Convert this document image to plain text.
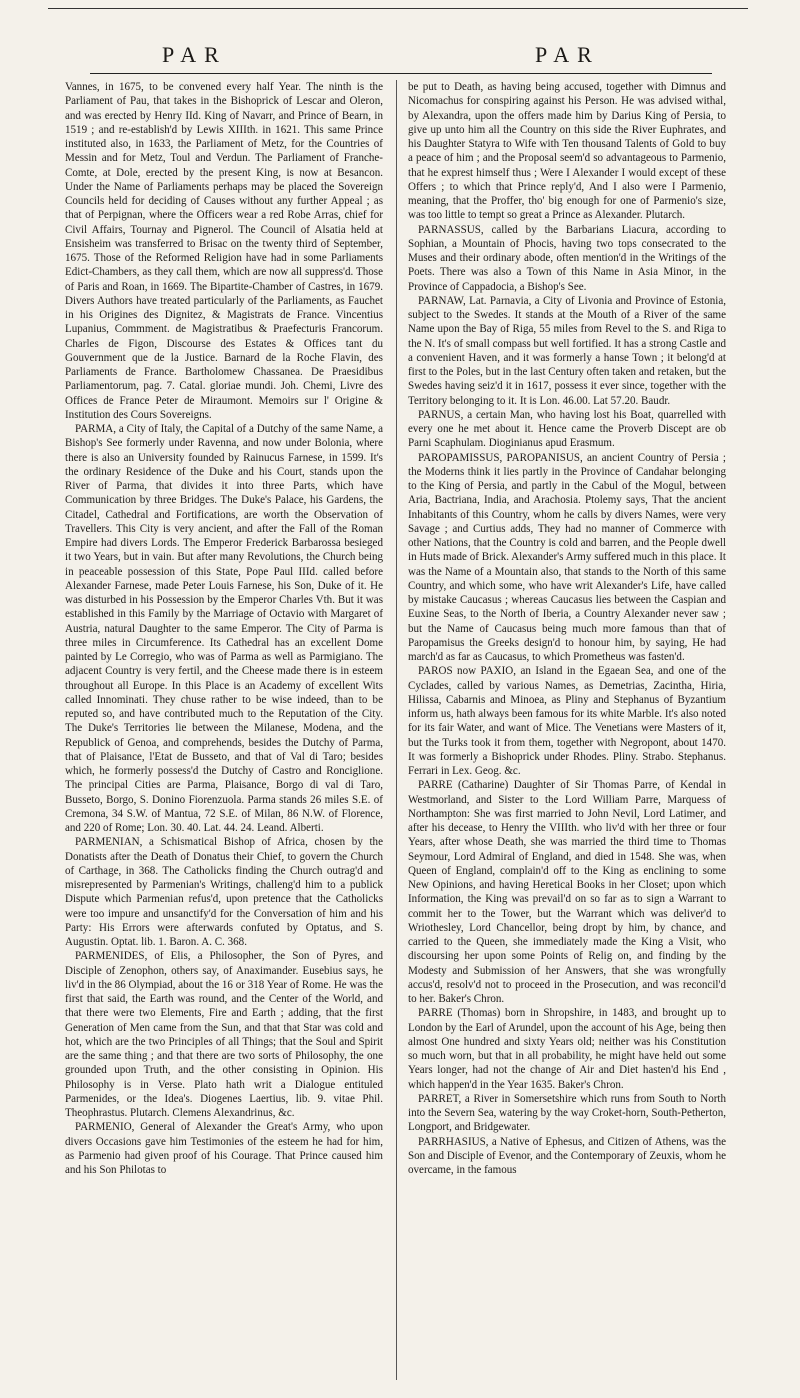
PAR	PAR

Vannes, in 1675, to be convened every half Year. The ninth is the Parliament of Pau, that takes in the Bishoprick of Lescar and Oleron, and was erected by Henry IId. King of Navarr, and Prince of Bearn, in 1519 ; and re-establish'd by Lewis XIIIth. in 1621. This same Prince instituted also, in 1633, the Parliament of Metz, for the Countries of Messin and for Metz, Toul and Verdun. The Parliament of Franche-Comte, at Dole, erected by the present King, is now at Besancon. Under the Name of Parliaments perhaps may be placed the Sovereign Councils held for deciding of Causes without any further Appeal ; as that of Perpignan, where the Officers wear a red Robe Arras, chief for Civil Affairs, Tournay and Pignerol. The Council of Alsatia held at Ensisheim was transferred to Brisac on the twenty third of September, 1675. Those of the Reformed Religion have had in some Parliaments Edict-Chambers, as they call them, which are now all suppress'd. Those of Paris and Roan, in 1669. The Bipartite-Chamber of Castres, in 1679. Divers Authors have treated particularly of the Parliaments, as Fauchet in his Origines des Dignitez, & Magistrats de France. Vincentius Lupanius, Commment. de Magistratibus & Praefecturis Francorum. Charles de Figon, Discourse des Estates & Offices tant du Gouvernment que de la Justice. Barnard de la Roche Flavin, des Parliaments de France. Bartholomew Chassanea. De Praesidibus Parliamentorum, pag. 7. Catal. gloriae mundi. Joh. Chemi, Livre des Offices de France Peter de Miraumont. Memoirs sur l' Origine & Institution des Cours Sovereigns.

PARMA, a City of Italy, the Capital of a Dutchy of the same Name, a Bishop's See formerly under Ravenna, and now under Bolonia, where there is also an University founded by Rainucus Farnese, in 1599. It's the ordinary Residence of the Duke and his Court, stands upon the River of Parma, that divides it into three Parts, which have Communication by three Bridges. The Duke's Palace, his Gardens, the Citadel, Cathedral and Fortifications, are worth the Observation of Travellers. This City is very ancient, and after the Fall of the Roman Empire had divers Lords. The Emperor Frederick Barbarossa besieged it two Years, but in vain. But after many Revolutions, the Church being in peaceable possession of this State, Pope Paul IIId. called before Alexander Farnese, made Peter Louis Farnese, his Son, Duke of it. He was disturbed in his Possession by the Emperor Charles Vth. But it was established in this Family by the Marriage of Octavio with Margaret of Austria, natural Daughter to the same Emperor. The City of Parma is three miles in Circumference. Its Cathedral has an excellent Dome painted by Le Corregio, who was of Parma as well as Parmigiano. The adjacent Country is very fertil, and the Cheese made there is in esteem throughout all Europe. In this Place is an Academy of excellent Wits called Innominati. They chuse rather to be wise indeed, than to be reputed so, and have contributed much to the Reputation of the City. The Duke's Territories lie between the Milanese, Modena, and the Republick of Genoa, and comprehends, besides the Dutchy of Parma, that of Plaisance, l'Etat de Busseto, and that of Val di Taro; besides which, he formerly possess'd the Dutchy of Castro and Ronciglione. The principal Cities are Parma, Plaisance, Borgo di val di Taro, Busseto, Borgo, S. Donino Fiorenzuola. Parma stands 26 miles S.E. of Cremona, 34 S.W. of Mantua, 72 S.E. of Milan, 86 N.W. of Florence, and 220 of Rome; Lon. 30. 40. Lat. 44. 24. Leand. Alberti.

PARMENIAN, a Schismatical Bishop of Africa, chosen by the Donatists after the Death of Donatus their Chief, to govern the Church of Carthage, in 368. The Catholicks finding the Church outrag'd and misrepresented by Parmenian's Writings, challeng'd him to a publick Dispute which Parmenian refus'd, upon pretence that the Catholicks were too impure and unsanctify'd for the Conversation of him and his Party: His Errors were afterwards confuted by Optatus, and S. Augustin. Optat. lib. 1. Baron. A. C. 368.

PARMENIDES, of Elis, a Philosopher, the Son of Pyres, and Disciple of Zenophon, others say, of Anaximander. Eusebius says, he liv'd in the 86 Olympiad, about the 16 or 318 Year of Rome. He was the first that said, the Earth was round, and the Center of the World, and that there were two Elements, Fire and Earth ; adding, that the first Generation of Men came from the Sun, and that that Star was cold and hot, which are the two Principles of all Things; that the Soul and Spirit are the same thing ; and that there are two sorts of Philosophy, the one grounded upon Truth, and the other consisting in Opinion. His Philosophy is in Verse. Plato hath writ a Dialogue entituled Parmenides, or the Idea's. Diogenes Laertius, lib. 9. vitae Phil. Theophrastus. Plutarch. Clemens Alexandrinus, &c.

PARMENIO, General of Alexander the Great's Army, who upon divers Occasions gave him Testimonies of the esteem he had for him, as Parmenio had given proof of his Courage. That Prince caused him and his Son Philotas to

be put to Death, as having being accused, together with Dimnus and Nicomachus for conspiring against his Person. He was advised withal, by Alexandra, upon the offers made him by Darius King of Persia, to give up unto him all the Country on this side the River Euphrates, and his Daughter Statyra to Wife with Ten thousand Talents of Gold to buy a peace of him ; and the Proposal seem'd so advantageous to Parmenio, that he exprest himself thus ; Were I Alexander I would except of these Offers ; to which that Prince reply'd, And I also were I Parmenio, meaning, that the Proffer, tho' big enough for one of Parmenio's size, was too little to tempt so great a Prince as Alexander. Plutarch.

PARNASSUS, called by the Barbarians Liacura, according to Sophian, a Mountain of Phocis, having two tops consecrated to the Muses and their ordinary abode, often mention'd in the Writings of the Poets. There was also a Town of this Name in Asia Minor, in the Province of Cappadocia, a Bishop's See.

PARNAW, Lat. Parnavia, a City of Livonia and Province of Estonia, subject to the Swedes. It stands at the Mouth of a River of the same Name upon the Bay of Riga, 55 miles from Revel to the S. and Riga to the N. It's of small compass but well fortified. It has a strong Castle and a convenient Haven, and it was formerly a hanse Town ; it belong'd at first to the Poles, but in the last Century often taken and retaken, but the Swedes having seiz'd it in 1617, possess it ever since, together with the Territory belonging to it. It is Lon. 46.00. Lat 57.20. Baudr.

PARNUS, a certain Man, who having lost his Boat, quarrelled with every one he met about it. Hence came the Proverb Discept are ob Parni Scaphulam. Dioginianus apud Erasmum.

PAROPAMISSUS, PAROPANISUS, an ancient Country of Persia ; the Moderns think it lies partly in the Province of Candahar belonging to the King of Persia, and partly in the Cabul of the Mogul, between Aria, Bactriana, India, and Arachosia. Ptolemy says, That the ancient Inhabitants of this Country, whom he calls by divers Names, were very Savage ; and Curtius adds, They had no manner of Commerce with other Nations, that the Country is cold and barren, and the People dwell in Huts made of Brick. Alexander's Army suffered much in this place. It was the Name of a Mountain also, that stands to the North of this same Country, and which some, who have writ Alexander's Life, have called by mistake Caucasus ; whereas Caucasus lies between the Caspian and Euxine Seas, to the North of Iberia, a Country Alexander never saw ; but the Name of Caucasus being much more famous than that of Paropamisus the Greeks design'd to honour him, by saying, He had march'd as far as Caucasus, to which Prometheus was fasten'd.

PAROS now PAXIO, an Island in the Egaean Sea, and one of the Cyclades, called by various Names, as Demetrias, Zacintha, Hiria, Hilissa, Cabarnis and Minoea, as Pliny and Stephanus of Byzantium inform us, hath always been famous for its white Marble. It's also noted for its fair Water, and want of Mice. The Venetians were Masters of it, but the Turks took it from them, together with Negropont, about 1470. It was formerly a Bishoprick under Rhodes. Pliny. Strabo. Stephanus. Ferrari in Lex. Geog. &c.

PARRE (Catharine) Daughter of Sir Thomas Parre, of Kendal in Westmorland, and Sister to the Lord William Parre, Marquess of Northampton: She was first married to John Nevil, Lord Latimer, and after his decease, to Henry the VIIIth. who liv'd with her three or four Years, after whose Death, she was married the third time to Thomas Seymour, Lord Admiral of England, and died in 1548. She was, when Queen of England, complain'd off to the King as enclining to some New Opinions, and having Heretical Books in her Closet; upon which Information, the King was prevail'd on so far as to sign a Warrant to commit her to the Tower, but the Warrant which was deliver'd to Wriothesley, Lord Chancellor, being dropt by him, by chance, and carried to the Queen, she immediately made the King a Visit, who discoursing her upon some Points of Relig on, and finding by the Modesty and Submission of her Answers, that she was wrongfully accus'd, resolv'd not to proceed in the Prosecution, and was reconcil'd to her. Baker's Chron.

PARRE (Thomas) born in Shropshire, in 1483, and brought up to London by the Earl of Arundel, upon the account of his Age, being then almost One hundred and sixty Years old; neither was his Constitution so much worn, but that in all probability, he might have held out some Years longer, had not the change of Air and Diet hasten'd his End , which happen'd in the Year 1635. Baker's Chron.

PARRET, a River in Somersetshire which runs from South to North into the Severn Sea, watering by the way Croket-horn, South-Petherton, Longport, and Bridgewater.

PARRHASIUS, a Native of Ephesus, and Citizen of Athens, was the Son and Disciple of Evenor, and the Contemporary of Zeuxis, whom he overcame, in the famous
